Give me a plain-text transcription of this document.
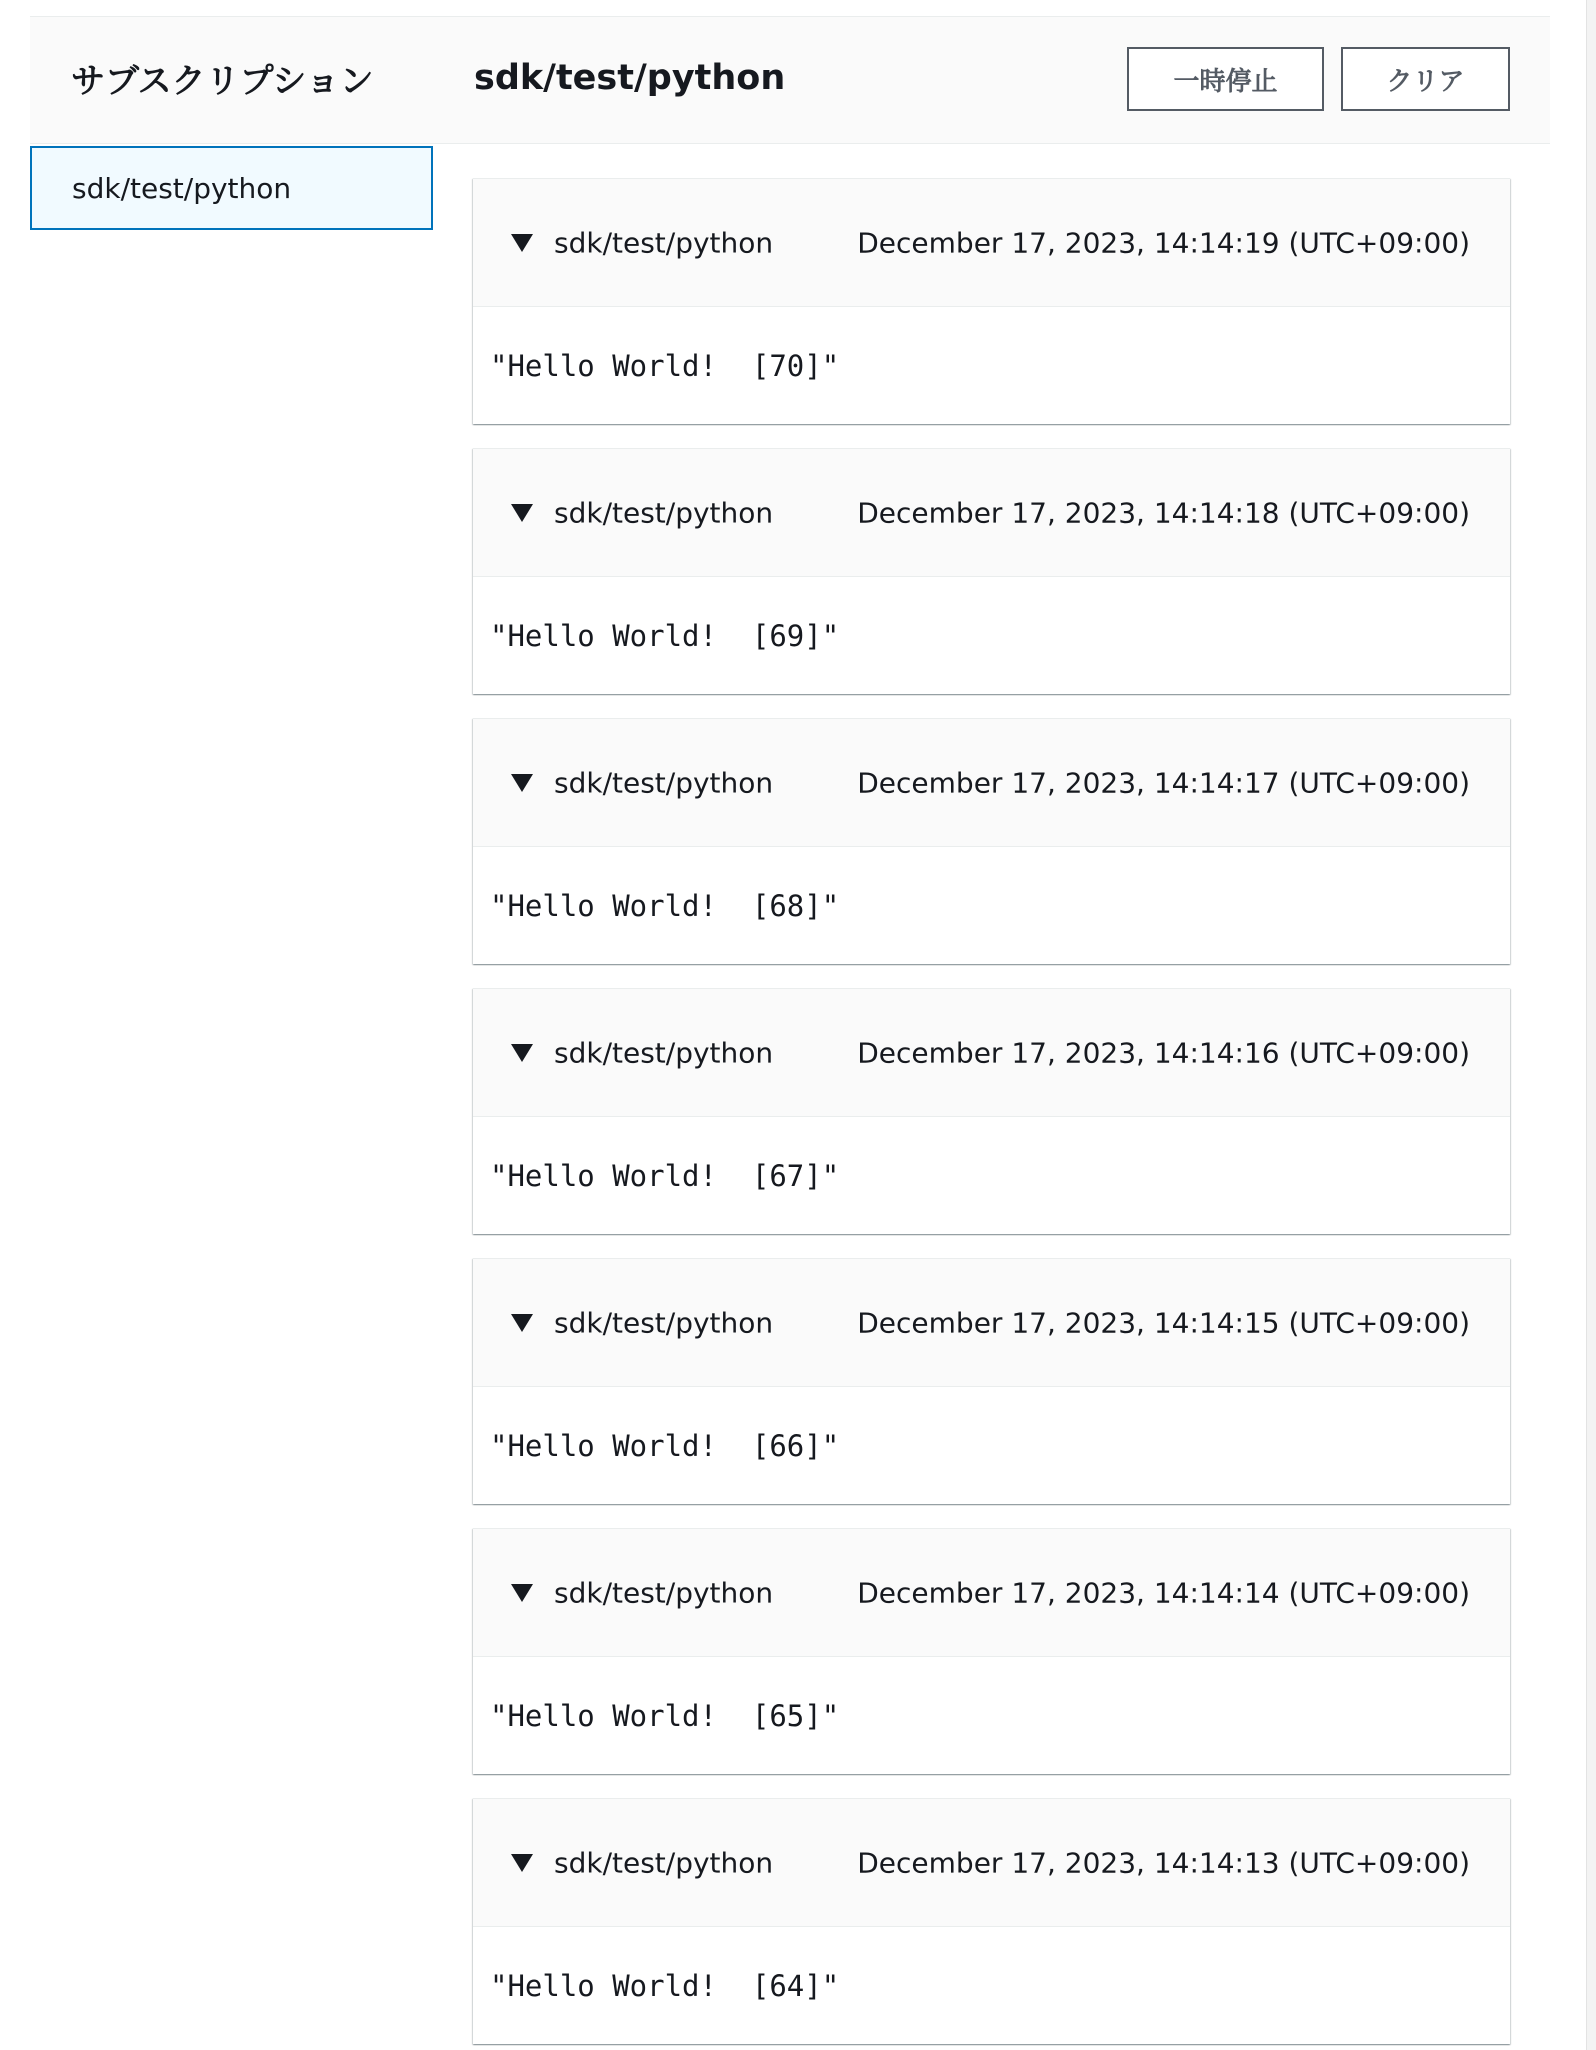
サブスクリプション	sdk/test/python	一時停止	クリア
sdk/test/python
sdk/test/python	December 17, 2023, 14:14:19 (UTC+09:00)
"Hello World!  [70]"
sdk/test/python	December 17, 2023, 14:14:18 (UTC+09:00)
"Hello World!  [69]"
sdk/test/python	December 17, 2023, 14:14:17 (UTC+09:00)
"Hello World!  [68]"
sdk/test/python	December 17, 2023, 14:14:16 (UTC+09:00)
"Hello World!  [67]"
sdk/test/python	December 17, 2023, 14:14:15 (UTC+09:00)
"Hello World!  [66]"
sdk/test/python	December 17, 2023, 14:14:14 (UTC+09:00)
"Hello World!  [65]"
sdk/test/python	December 17, 2023, 14:14:13 (UTC+09:00)
"Hello World!  [64]"
